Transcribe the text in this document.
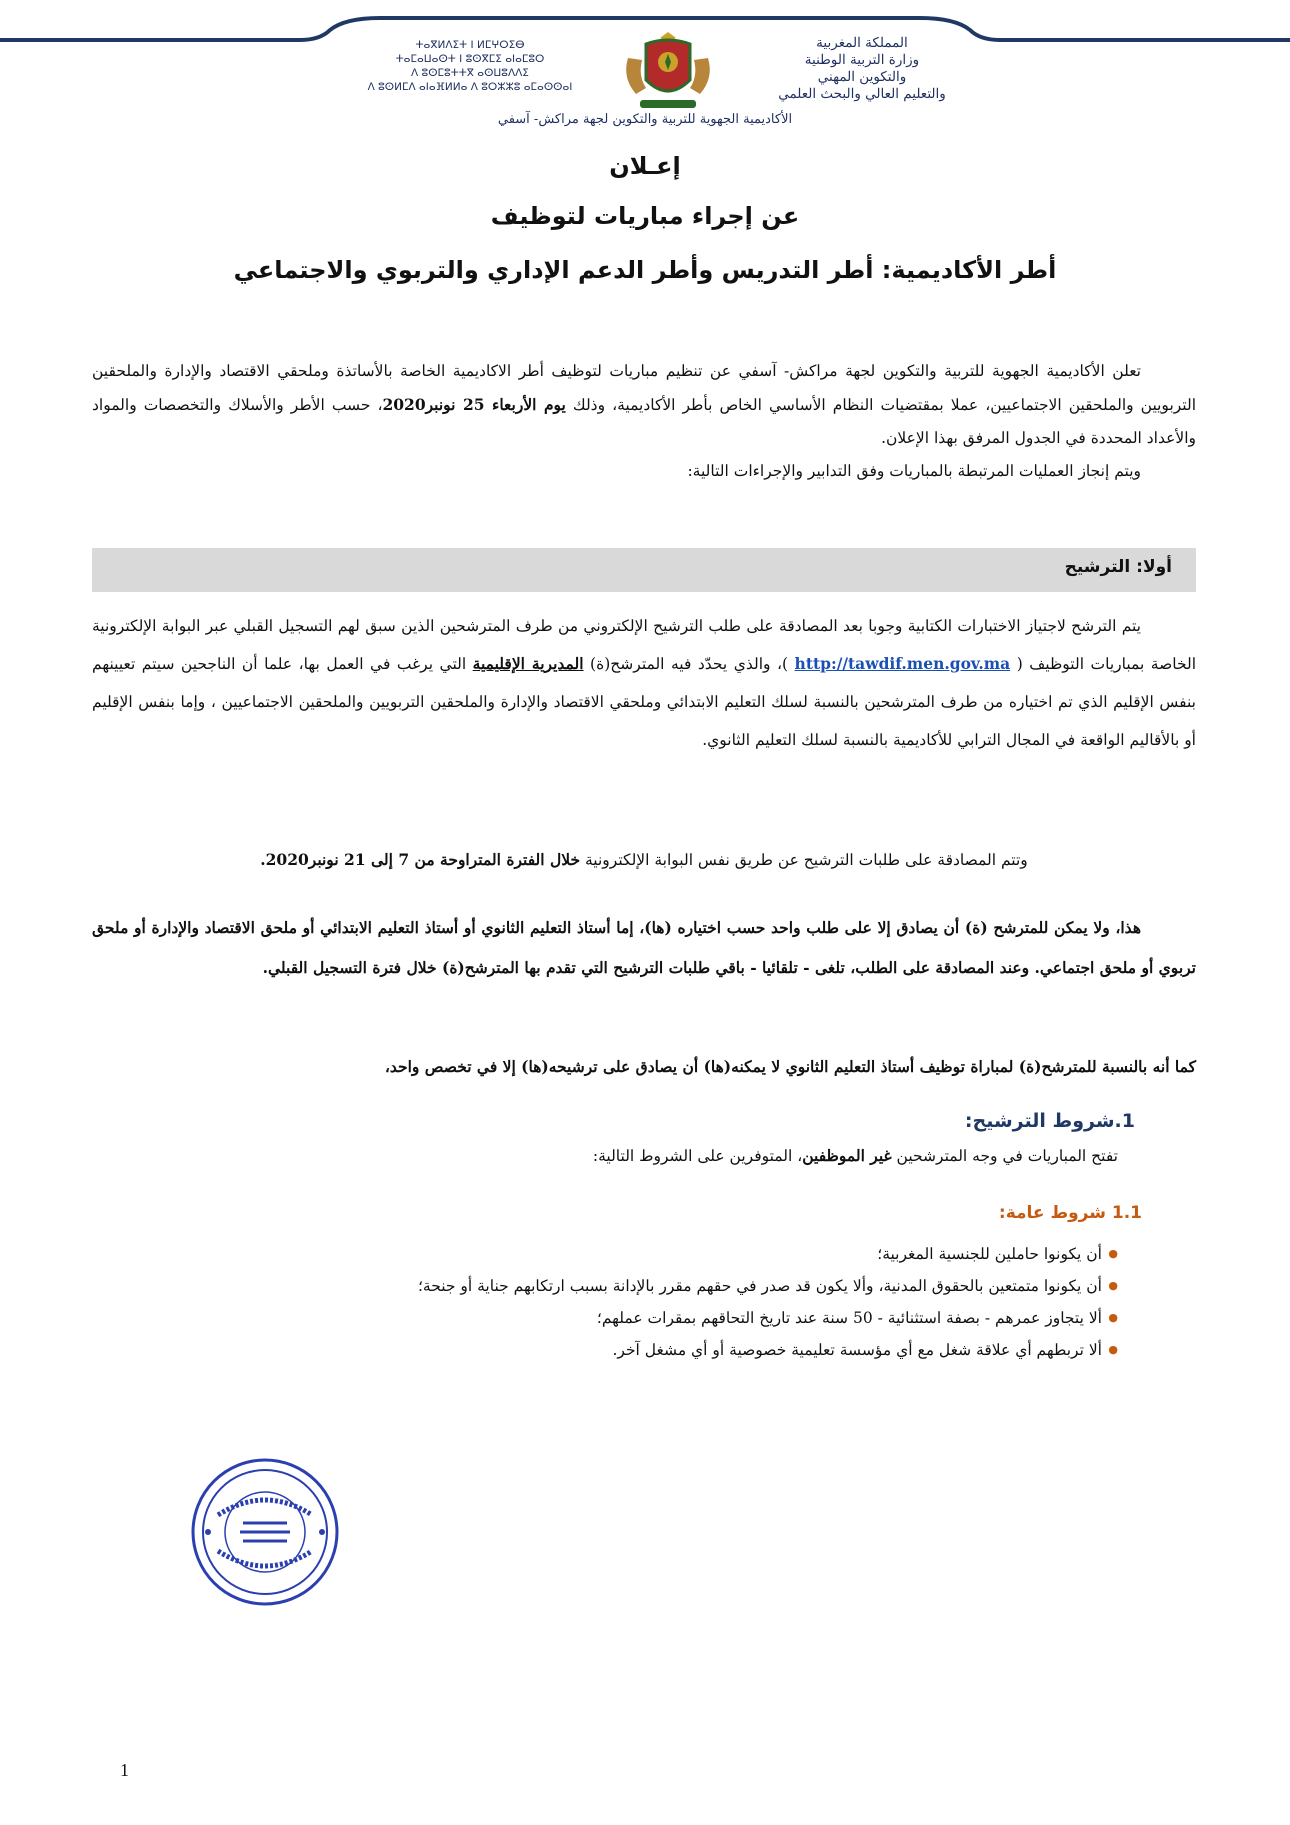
ⵜⴰⴳⵍⴷⵉⵜ ⵏ ⵍⵎⵖⵔⵉⴱ
ⵜⴰⵎⴰⵡⴰⵙⵜ ⵏ ⵓⵙⴳⵎⵉ ⴰⵏⴰⵎⵓⵔ
ⴷ ⵓⵙⵎⵓⵜⵜⴳ ⴰⵙⵡⵓⴷⴷⵉ
ⴷ ⵓⵙⵍⵎⴷ ⴰⵏⴰⴼⵍⵍⴰ ⴷ ⵓⵔⵣⵣⵓ ⴰⵎⴰⵙⵙⴰⵏ
المملكة المغربية
وزارة التربية الوطنية
والتكوين المهني
والتعليم العالي والبحث العلمي
الأكاديمية الجهوية للتربية والتكوين لجهة مراكش- آسفي
إعـلان
عن إجراء مباريات لتوظيف
أطر الأكاديمية: أطر التدريس وأطر الدعم الإداري والتربوي والاجتماعي
تعلن الأكاديمية الجهوية للتربية والتكوين لجهة مراكش- آسفي عن تنظيم مباريات لتوظيف أطر الاكاديمية الخاصة بالأساتذة وملحقي الاقتصاد والإدارة والملحقين التربويين والملحقين الاجتماعيين، عملا بمقتضيات النظام الأساسي الخاص بأطر الأكاديمية، وذلك يوم الأربعاء 25 نونبر2020، حسب الأطر والأسلاك والتخصصات والمواد والأعداد المحددة في الجدول المرفق بهذا الإعلان.
ويتم إنجاز العمليات المرتبطة بالمباريات وفق التدابير والإجراءات التالية:
أولا: الترشيح
يتم الترشح لاجتياز الاختبارات الكتابية وجوبا بعد المصادقة على طلب الترشيح الإلكتروني من طرف المترشحين الذين سبق لهم التسجيل القبلي عبر البوابة الإلكترونية الخاصة بمباريات التوظيف ( http://tawdif.men.gov.ma )، والذي يحدّد فيه المترشح(ة) المديرية الإقليمية التي يرغب في العمل بها، علما أن الناجحين سيتم تعيينهم بنفس الإقليم الذي تم اختياره من طرف المترشحين بالنسبة لسلك التعليم الابتدائي وملحقي الاقتصاد والإدارة والملحقين التربويين والملحقين الاجتماعيين ، وإما بنفس الإقليم أو بالأقاليم الواقعة في المجال الترابي للأكاديمية بالنسبة لسلك التعليم الثانوي.
وتتم المصادقة على طلبات الترشيح عن طريق نفس البوابة الإلكترونية خلال الفترة المتراوحة من 7 إلى 21 نونبر2020.
هذا، ولا يمكن للمترشح (ة) أن يصادق إلا على طلب واحد حسب اختياره (ها)، إما أستاذ التعليم الثانوي أو أستاذ التعليم الابتدائي أو ملحق الاقتصاد والإدارة أو ملحق تربوي أو ملحق اجتماعي. وعند المصادقة على الطلب، تلغى - تلقائيا - باقي طلبات الترشيح التي تقدم بها المترشح(ة) خلال فترة التسجيل القبلي.
كما أنه بالنسبة للمترشح(ة) لمباراة توظيف أستاذ التعليم الثانوي لا يمكنه(ها) أن يصادق على ترشيحه(ها) إلا في تخصص واحد،
1.شروط الترشيح:
تفتح المباريات في وجه المترشحين غير الموظفين، المتوفرين على الشروط التالية:
1.1 شروط عامة:
● أن يكونوا حاملين للجنسية المغربية؛
● أن يكونوا متمتعين بالحقوق المدنية، وألا يكون قد صدر في حقهم مقرر بالإدانة بسبب ارتكابهم جناية أو جنحة؛
● ألا يتجاوز عمرهم - بصفة استثنائية - 50 سنة عند تاريخ التحاقهم بمقرات عملهم؛
● ألا تربطهم أي علاقة شغل مع أي مؤسسة تعليمية خصوصية أو أي مشغل آخر.
1
